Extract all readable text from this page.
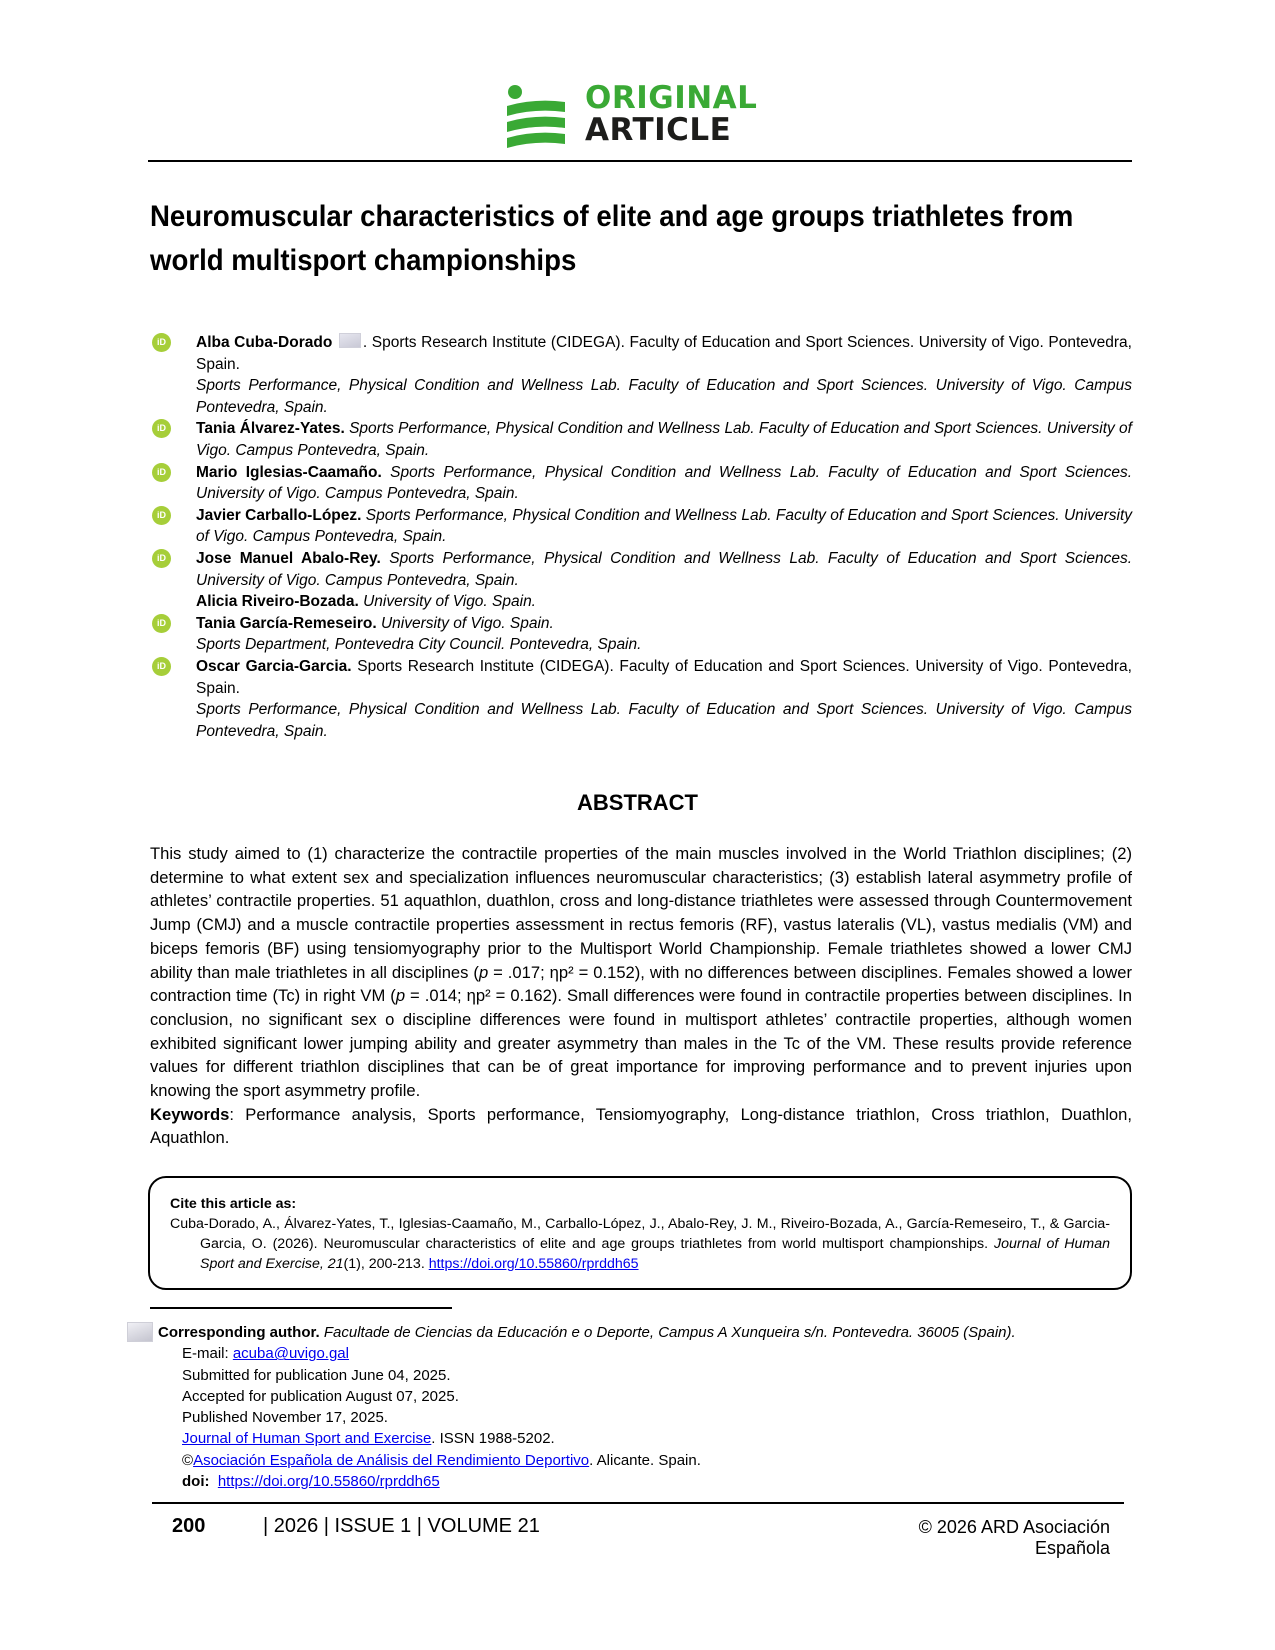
ORIGINAL
ARTICLE
Neuromuscular characteristics of elite and age groups triathletes from world multisport championships
iD	Alba Cuba-Dorado . Sports Research Institute (CIDEGA). Faculty of Education and Sport Sciences. University of Vigo. Pontevedra, Spain.
Sports Performance, Physical Condition and Wellness Lab. Faculty of Education and Sport Sciences. University of Vigo. Campus Pontevedra, Spain.
iD	Tania Álvarez-Yates. Sports Performance, Physical Condition and Wellness Lab. Faculty of Education and Sport Sciences. University of Vigo. Campus Pontevedra, Spain.
iD	Mario Iglesias-Caamaño. Sports Performance, Physical Condition and Wellness Lab. Faculty of Education and Sport Sciences. University of Vigo. Campus Pontevedra, Spain.
iD	Javier Carballo-López. Sports Performance, Physical Condition and Wellness Lab. Faculty of Education and Sport Sciences. University of Vigo. Campus Pontevedra, Spain.
iD	Jose Manuel Abalo-Rey. Sports Performance, Physical Condition and Wellness Lab. Faculty of Education and Sport Sciences. University of Vigo. Campus Pontevedra, Spain.
Alicia Riveiro-Bozada. University of Vigo. Spain.
iD	Tania García-Remeseiro. University of Vigo. Spain.
Sports Department, Pontevedra City Council. Pontevedra, Spain.
iD	Oscar Garcia-Garcia. Sports Research Institute (CIDEGA). Faculty of Education and Sport Sciences. University of Vigo. Pontevedra, Spain.
Sports Performance, Physical Condition and Wellness Lab. Faculty of Education and Sport Sciences. University of Vigo. Campus Pontevedra, Spain.
ABSTRACT

This study aimed to (1) characterize the contractile properties of the main muscles involved in the World Triathlon disciplines; (2) determine to what extent sex and specialization influences neuromuscular characteristics; (3) establish lateral asymmetry profile of athletes’ contractile properties. 51 aquathlon, duathlon, cross and long-distance triathletes were assessed through Countermovement Jump (CMJ) and a muscle contractile properties assessment in rectus femoris (RF), vastus lateralis (VL), vastus medialis (VM) and biceps femoris (BF) using tensiomyography prior to the Multisport World Championship. Female triathletes showed a lower CMJ ability than male triathletes in all disciplines (p = .017; ηp² = 0.152), with no differences between disciplines. Females showed a lower contraction time (Tc) in right VM (p = .014; ηp² = 0.162). Small differences were found in contractile properties between disciplines. In conclusion, no significant sex o discipline differences were found in multisport athletes’ contractile properties, although women exhibited significant lower jumping ability and greater asymmetry than males in the Tc of the VM. These results provide reference values for different triathlon disciplines that can be of great importance for improving performance and to prevent injuries upon knowing the sport asymmetry profile.

Keywords: Performance analysis, Sports performance, Tensiomyography, Long-distance triathlon, Cross triathlon, Duathlon, Aquathlon.

Cite this article as:
Cuba-Dorado, A., Álvarez-Yates, T., Iglesias-Caamaño, M., Carballo-López, J., Abalo-Rey, J. M., Riveiro-Bozada, A., García-Remeseiro, T., & Garcia-Garcia, O. (2026). Neuromuscular characteristics of elite and age groups triathletes from world multisport championships. Journal of Human Sport and Exercise, 21(1), 200-213. https://doi.org/10.55860/rprddh65
Corresponding author. Facultade de Ciencias da Educación e o Deporte, Campus A Xunqueira s/n. Pontevedra. 36005 (Spain).
E-mail: acuba@uvigo.gal
Submitted for publication June 04, 2025.
Accepted for publication August 07, 2025.
Published November 17, 2025.
Journal of Human Sport and Exercise. ISSN 1988-5202.
©Asociación Española de Análisis del Rendimiento Deportivo. Alicante. Spain.
doi: https://doi.org/10.55860/rprddh65
200	| 2026 | ISSUE 1 | VOLUME 21	© 2026 ARD Asociación Española
